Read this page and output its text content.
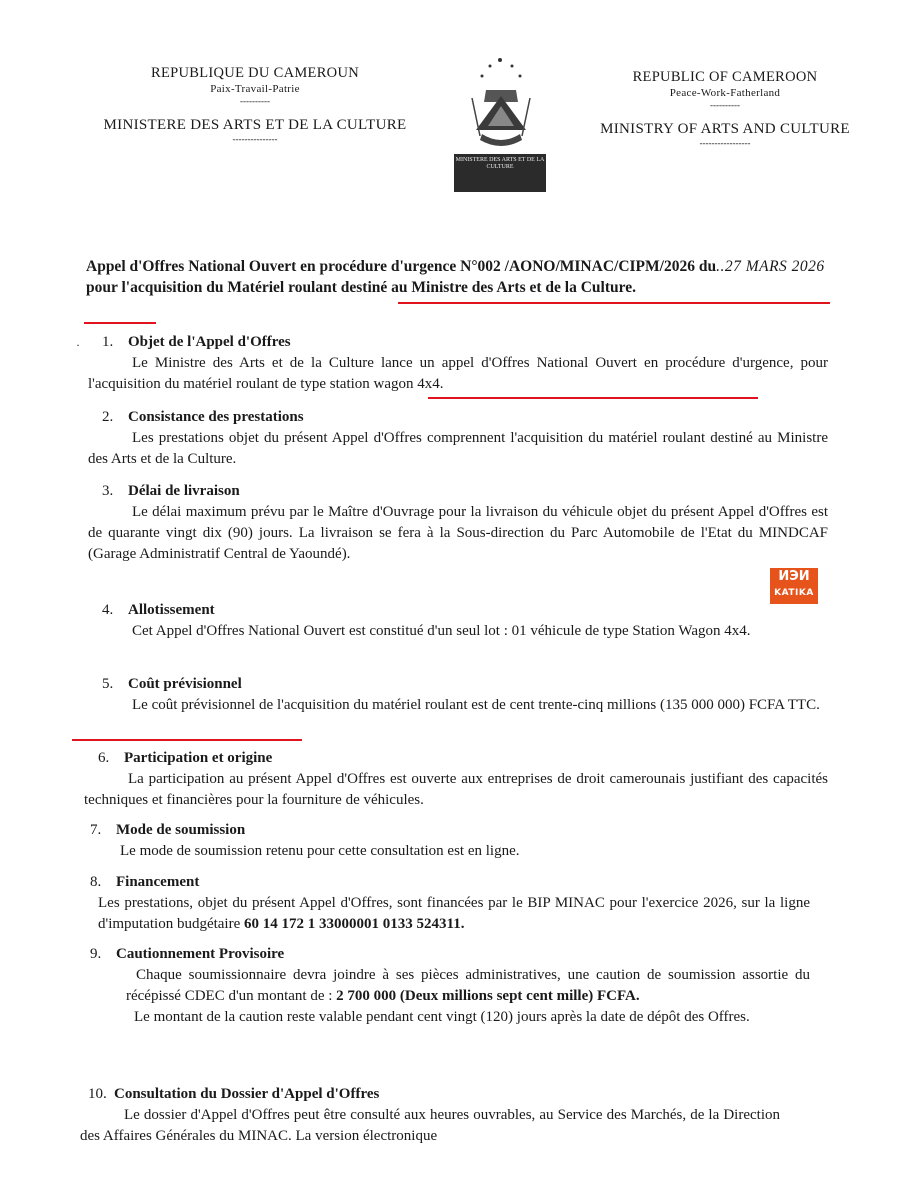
REPUBLIQUE DU CAMEROUN
Paix-Travail-Patrie
----------
MINISTERE DES ARTS ET DE LA CULTURE
---------------
MINISTERE DES ARTS ET DE LA CULTURE
REPUBLIC OF CAMEROON
Peace-Work-Fatherland
----------
MINISTRY OF ARTS AND CULTURE
-----------------
Appel d'Offres National Ouvert en procédure d'urgence N°002 /AONO/MINAC/CIPM/2026 du..27 MARS 2026 pour l'acquisition du Matériel roulant destiné au Ministre des Arts et de la Culture.
·	1. Objet de l'Appel d'Offres

Le Ministre des Arts et de la Culture lance un appel d'Offres National Ouvert en procédure d'urgence, pour l'acquisition du matériel roulant de type station wagon 4x4.

2. Consistance des prestations

Les prestations objet du présent Appel d'Offres comprennent l'acquisition du matériel roulant destiné au Ministre des Arts et de la Culture.

3. Délai de livraison

Le délai maximum prévu par le Maître d'Ouvrage pour la livraison du véhicule objet du présent Appel d'Offres est de quarante vingt dix (90) jours. La livraison se fera à la Sous-direction du Parc Automobile de l'Etat du MINDCAF (Garage Administratif Central de Yaoundé).

ИЭИ
KATIKA
4. Allotissement

Cet Appel d'Offres National Ouvert est constitué d'un seul lot : 01 véhicule de type Station Wagon 4x4.

5. Coût prévisionnel

Le coût prévisionnel de l'acquisition du matériel roulant est de cent trente-cinq millions (135 000 000) FCFA TTC.

6. Participation et origine

La participation au présent Appel d'Offres est ouverte aux entreprises de droit camerounais justifiant des capacités techniques et financières pour la fourniture de véhicules.

7. Mode de soumission

Le mode de soumission retenu pour cette consultation est en ligne.

8. Financement

Les prestations, objet du présent Appel d'Offres, sont financées par le BIP MINAC pour l'exercice 2026, sur la ligne d'imputation budgétaire 60 14 172 1 33000001 0133 524311.

9. Cautionnement Provisoire

Chaque soumissionnaire devra joindre à ses pièces administratives, une caution de soumission assortie du récépissé CDEC d'un montant de : 2 700 000 (Deux millions sept cent mille) FCFA.

Le montant de la caution reste valable pendant cent vingt (120) jours après la date de dépôt des Offres.

10. Consultation du Dossier d'Appel d'Offres

Le dossier d'Appel d'Offres peut être consulté aux heures ouvrables, au Service des Marchés, de la Direction des Affaires Générales du MINAC. La version électronique
